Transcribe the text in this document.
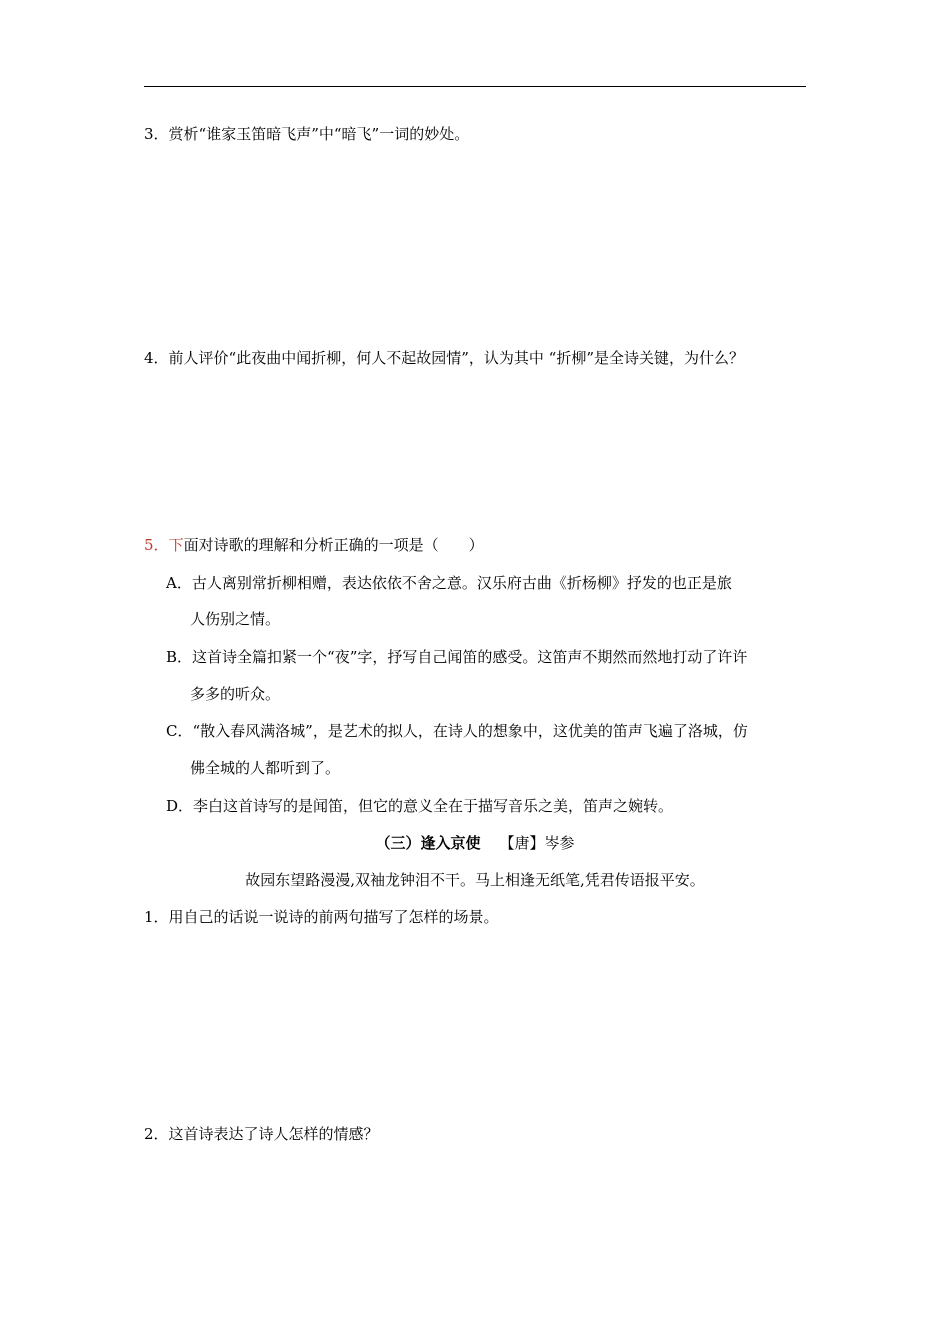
3．赏析“谁家玉笛暗飞声”中“暗飞”一词的妙处。
4．前人评价“此夜曲中闻折柳，何人不起故园情”，认为其中 “折柳”是全诗关键，为什么？
5．下面对诗歌的理解和分析正确的一项是（　　）
A．古人离别常折柳相赠，表达依依不舍之意。汉乐府古曲《折杨柳》抒发的也正是旅
人伤别之情。
B．这首诗全篇扣紧一个“夜”字，抒写自己闻笛的感受。这笛声不期然而然地打动了许许
多多的听众。
C．“散入春风满洛城”，是艺术的拟人，在诗人的想象中，这优美的笛声飞遍了洛城，仿
佛全城的人都听到了。
D．李白这首诗写的是闻笛，但它的意义全在于描写音乐之美，笛声之婉转。
（三）逢入京使 【唐】岑参
故园东望路漫漫,双袖龙钟泪不干。马上相逢无纸笔,凭君传语报平安。
1．用自己的话说一说诗的前两句描写了怎样的场景。
2．这首诗表达了诗人怎样的情感？
